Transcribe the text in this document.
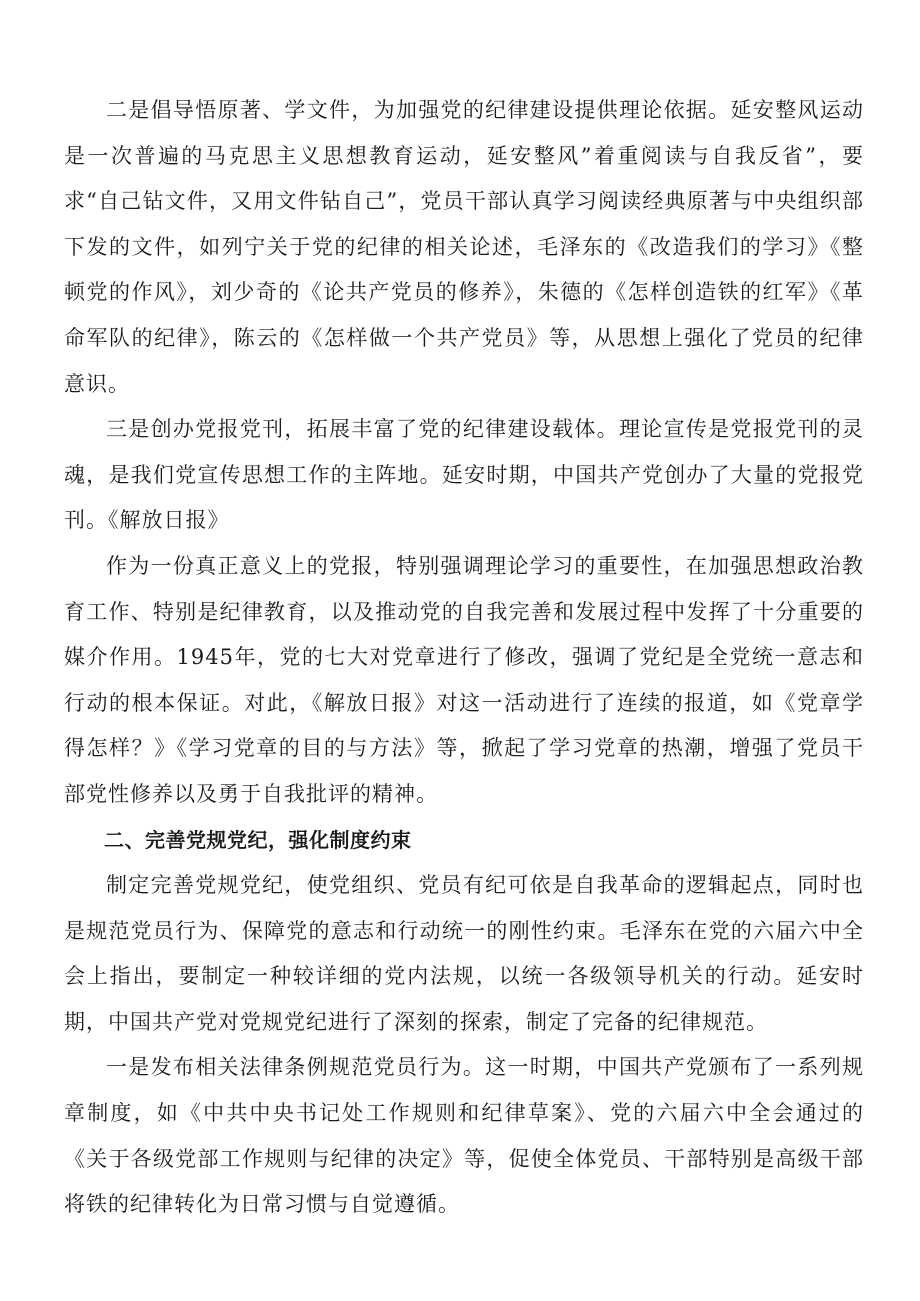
二是倡导悟原著、学文件，为加强党的纪律建设提供理论依据。延安整风运动是一次普遍的马克思主义思想教育运动，延安整风”着重阅读与自我反省”，要求“自己钻文件，又用文件钻自己”，党员干部认真学习阅读经典原著与中央组织部下发的文件，如列宁关于党的纪律的相关论述，毛泽东的《改造我们的学习》《整顿党的作风》，刘少奇的《论共产党员的修养》，朱德的《怎样创造铁的红军》《革命军队的纪律》，陈云的《怎样做一个共产党员》等，从思想上强化了党员的纪律意识。

三是创办党报党刊，拓展丰富了党的纪律建设载体。理论宣传是党报党刊的灵魂，是我们党宣传思想工作的主阵地。延安时期，中国共产党创办了大量的党报党刊。《解放日报》

作为一份真正意义上的党报，特别强调理论学习的重要性，在加强思想政治教育工作、特别是纪律教育，以及推动党的自我完善和发展过程中发挥了十分重要的媒介作用。1945年，党的七大对党章进行了修改，强调了党纪是全党统一意志和行动的根本保证。对此，《解放日报》对这一活动进行了连续的报道，如《党章学得怎样？》《学习党章的目的与方法》等，掀起了学习党章的热潮，增强了党员干部党性修养以及勇于自我批评的精神。

二、完善党规党纪，强化制度约束

制定完善党规党纪，使党组织、党员有纪可依是自我革命的逻辑起点，同时也是规范党员行为、保障党的意志和行动统一的刚性约束。毛泽东在党的六届六中全会上指出，要制定一种较详细的党内法规，以统一各级领导机关的行动。延安时期，中国共产党对党规党纪进行了深刻的探索，制定了完备的纪律规范。

一是发布相关法律条例规范党员行为。这一时期，中国共产党颁布了一系列规章制度，如《中共中央书记处工作规则和纪律草案》、党的六届六中全会通过的《关于各级党部工作规则与纪律的决定》等，促使全体党员、干部特别是高级干部将铁的纪律转化为日常习惯与自觉遵循。
